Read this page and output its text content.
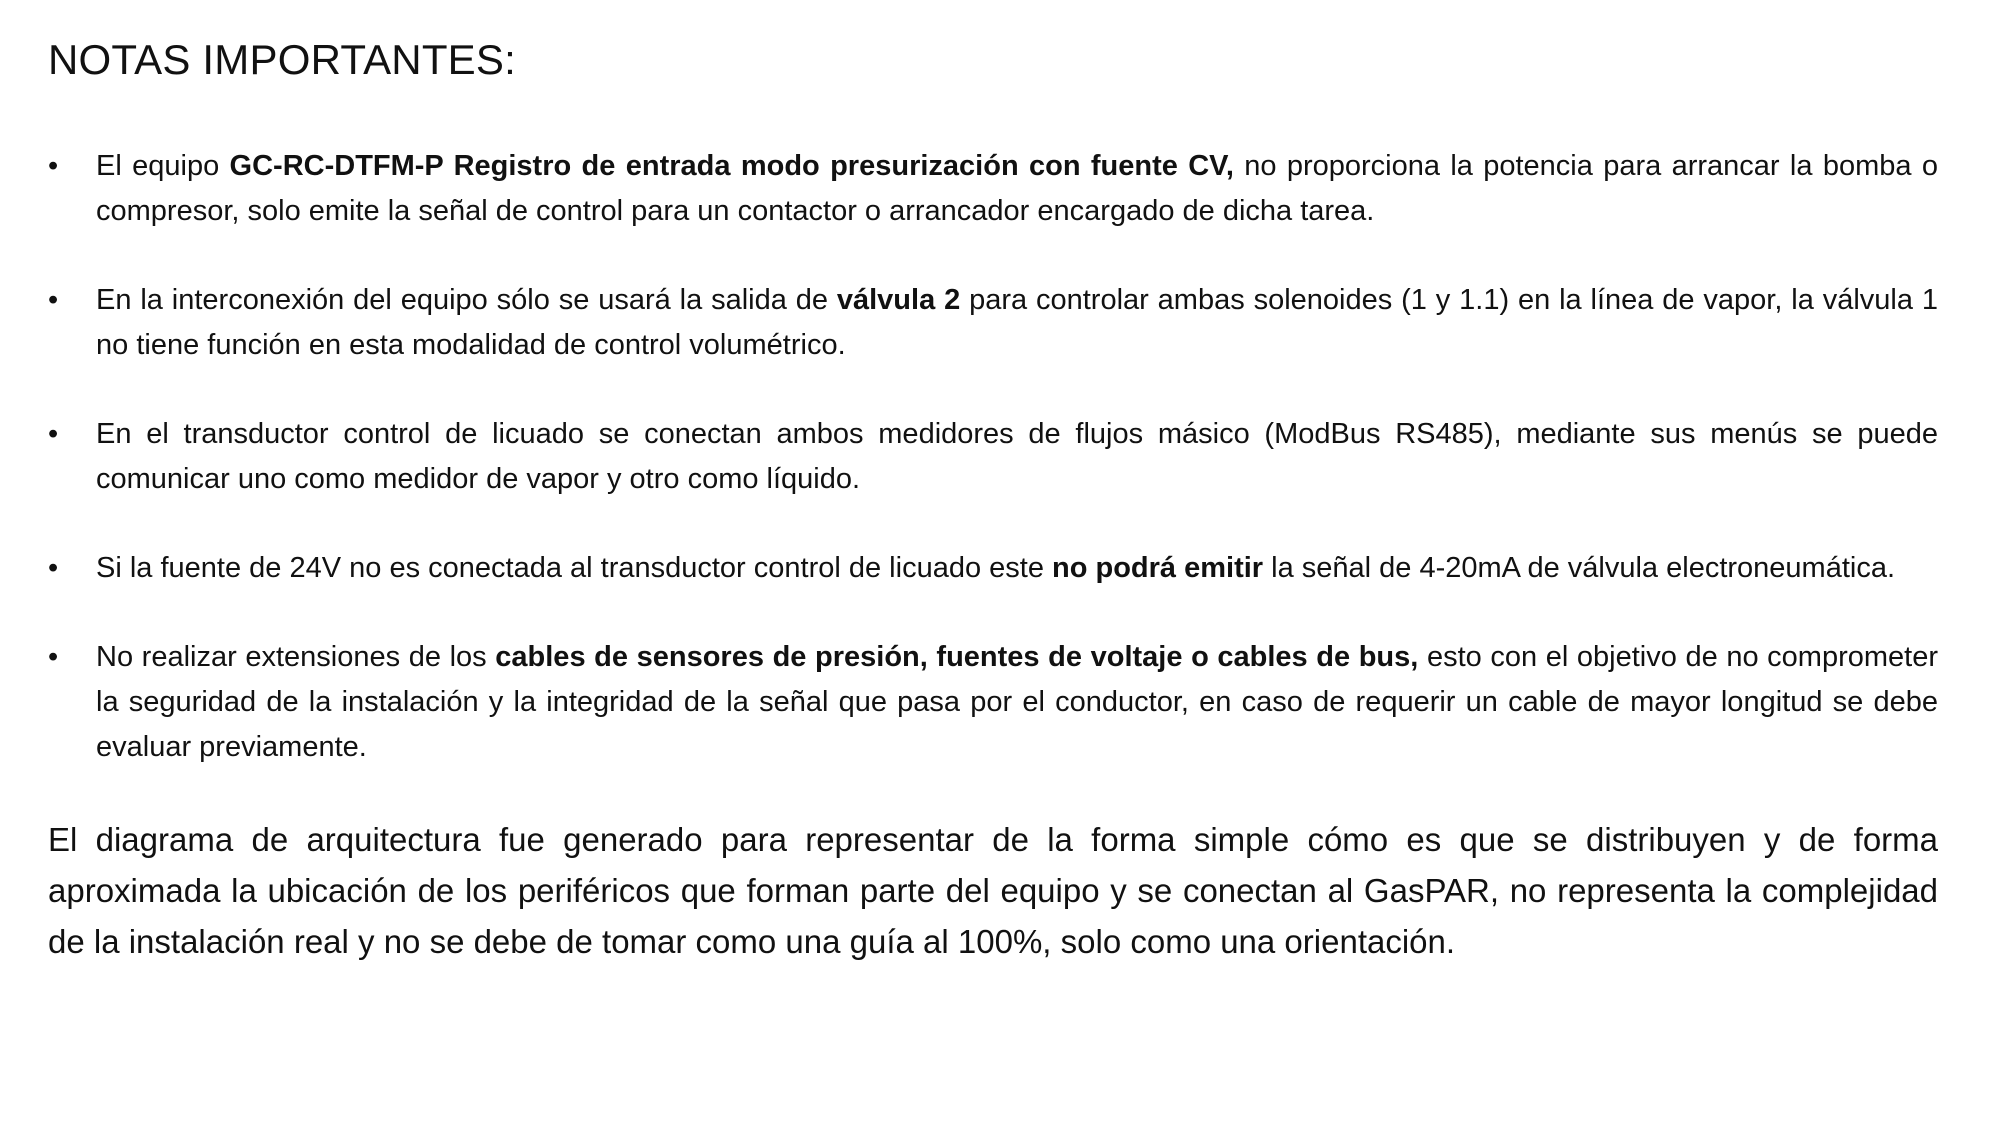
NOTAS IMPORTANTES:
• El equipo GC-RC-DTFM-P Registro de entrada modo presurización con fuente CV, no proporciona la potencia para arrancar la bomba o compresor, solo emite la señal de control para un contactor o arrancador encargado de dicha tarea.
• En la interconexión del equipo sólo se usará la salida de válvula 2 para controlar ambas solenoides (1 y 1.1) en la línea de vapor, la válvula 1 no tiene función en esta modalidad de control volumétrico.
• En el transductor control de licuado se conectan ambos medidores de flujos másico (ModBus RS485), mediante sus menús se puede comunicar uno como medidor de vapor y otro como líquido.
• Si la fuente de 24V no es conectada al transductor control de licuado este no podrá emitir la señal de 4-20mA de válvula electroneumática.
• No realizar extensiones de los cables de sensores de presión, fuentes de voltaje o cables de bus, esto con el objetivo de no comprometer la seguridad de la instalación y la integridad de la señal que pasa por el conductor, en caso de requerir un cable de mayor longitud se debe evaluar previamente.

El diagrama de arquitectura fue generado para representar de la forma simple cómo es que se distribuyen y de forma aproximada la ubicación de los periféricos que forman parte del equipo y se conectan al GasPAR, no representa la complejidad de la instalación real y no se debe de tomar como una guía al 100%, solo como una orientación.
